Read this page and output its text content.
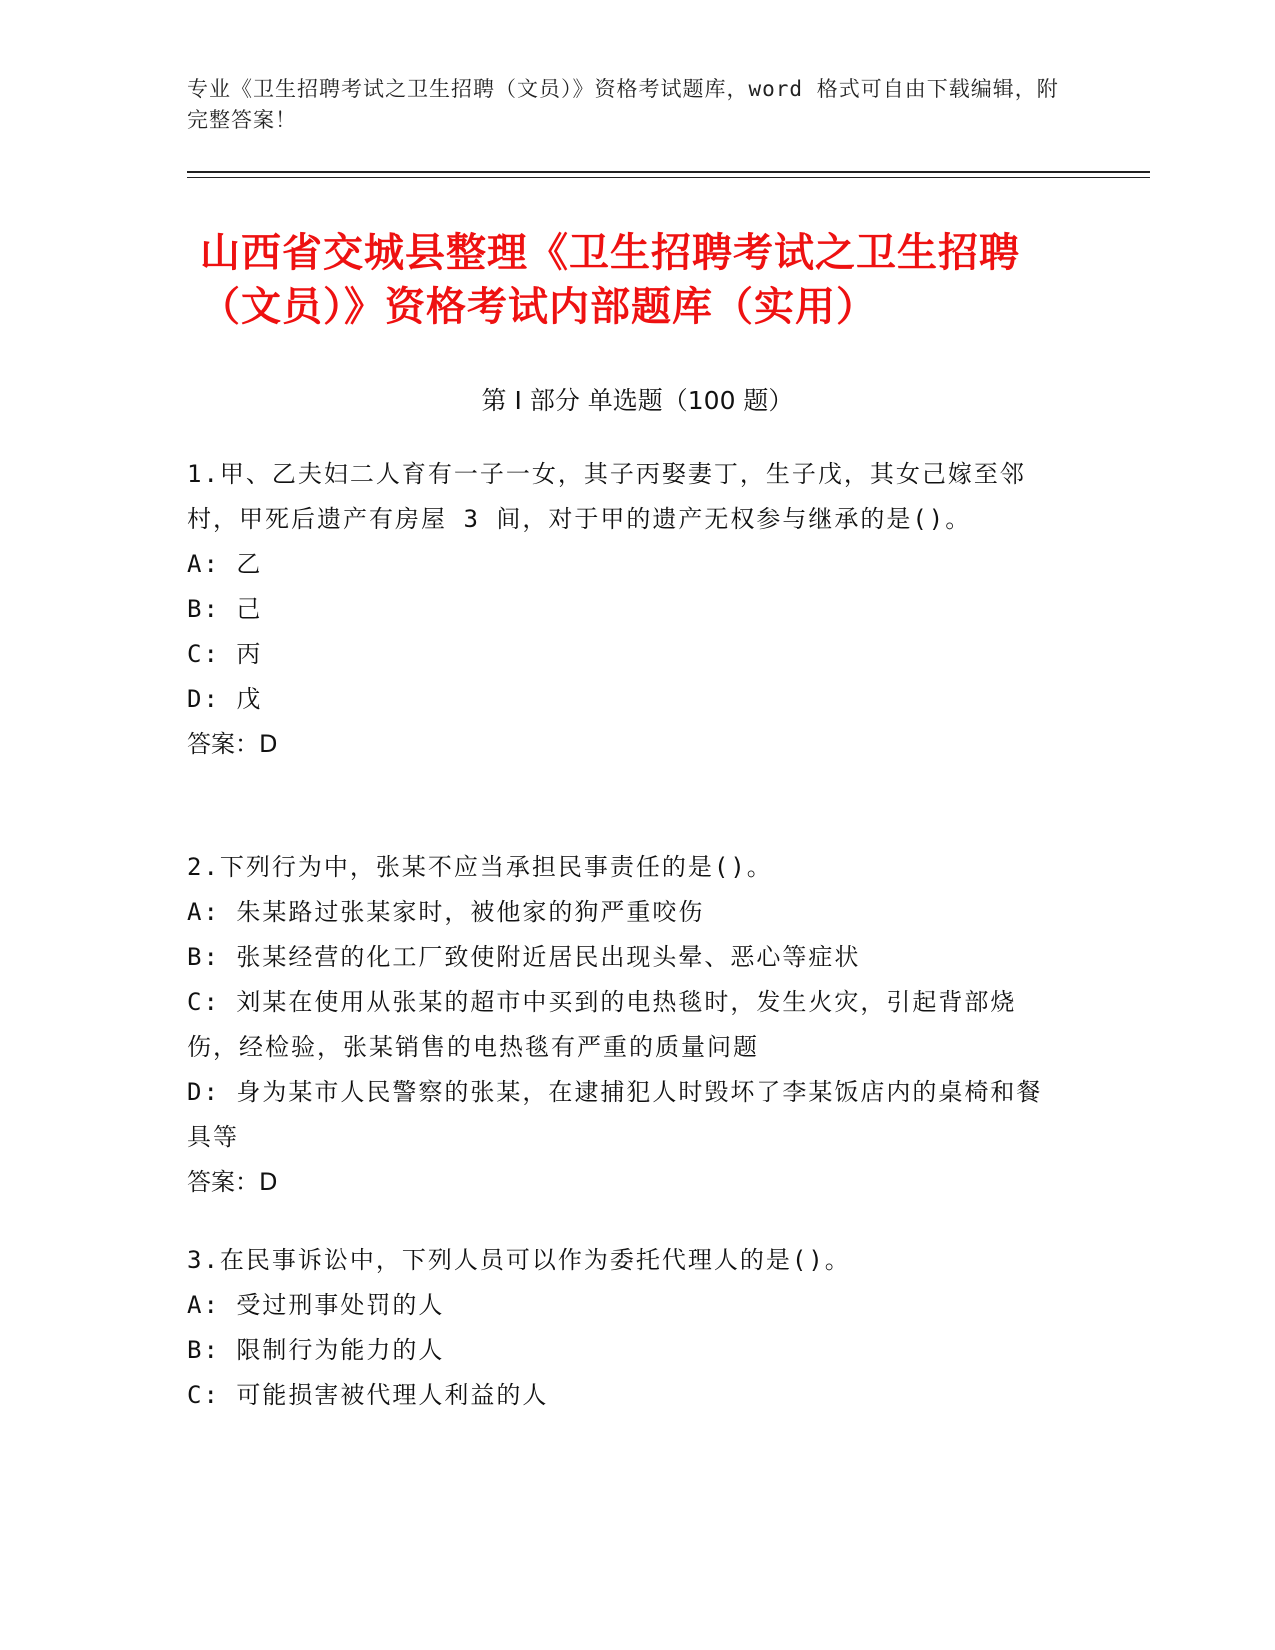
专业《卫生招聘考试之卫生招聘（文员）》资格考试题库，word 格式可自由下载编辑，附完整答案！
山西省交城县整理《卫生招聘考试之卫生招聘（文员）》资格考试内部题库（实用）
第 I 部分 单选题（100 题）
1.甲、乙夫妇二人育有一子一女，其子丙娶妻丁，生子戊，其女己嫁至邻村，甲死后遗产有房屋 3 间，对于甲的遗产无权参与继承的是()。
A: 乙
B: 己
C: 丙
D: 戊
答案：D
2.下列行为中，张某不应当承担民事责任的是()。
A: 朱某路过张某家时，被他家的狗严重咬伤
B: 张某经营的化工厂致使附近居民出现头晕、恶心等症状
C: 刘某在使用从张某的超市中买到的电热毯时，发生火灾，引起背部烧伤，经检验，张某销售的电热毯有严重的质量问题
D: 身为某市人民警察的张某，在逮捕犯人时毁坏了李某饭店内的桌椅和餐具等
答案：D
3.在民事诉讼中，下列人员可以作为委托代理人的是()。
A: 受过刑事处罚的人
B: 限制行为能力的人
C: 可能损害被代理人利益的人
